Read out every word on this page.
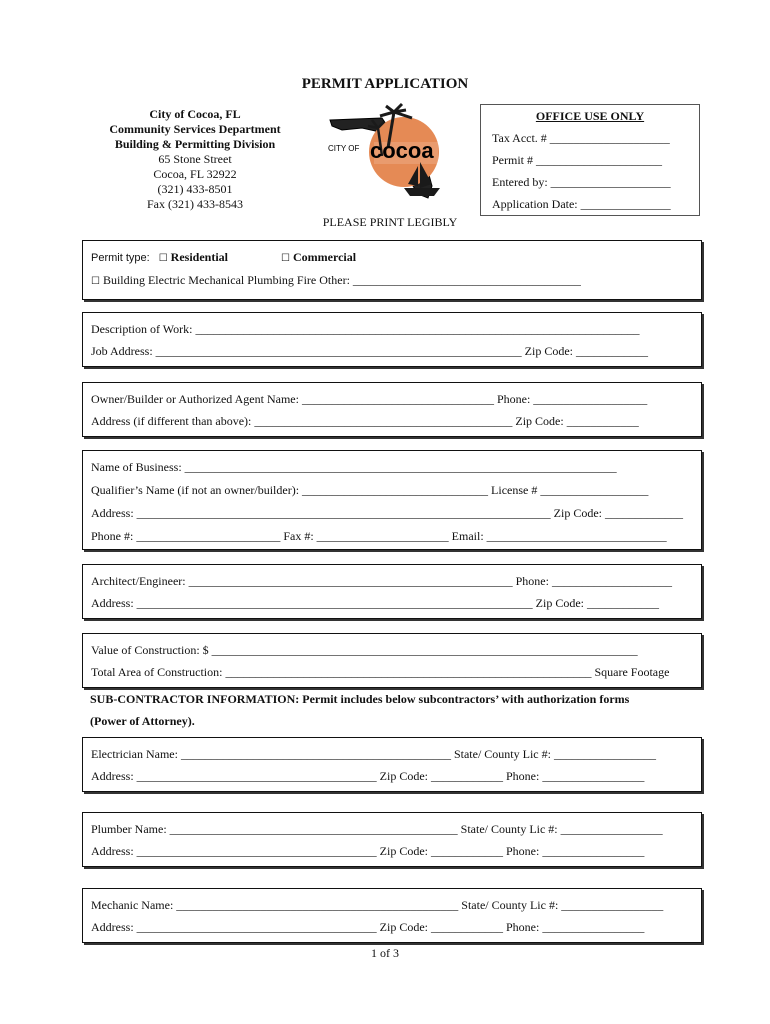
PERMIT APPLICATION
City of Cocoa, FL
Community Services Department
Building & Permitting Division
65 Stone Street
Cocoa, FL 32922
(321) 433-8501
Fax (321) 433-8543
CITY OF cocoa
PLEASE PRINT LEGIBLY
OFFICE USE ONLY
Tax Acct. # ____________________
Permit # _____________________
Entered by: ____________________
Application Date: _______________
Permit type: ☐ Residential	☐ Commercial
☐ Building Electric Mechanical Plumbing Fire Other: ______________________________________
Description of Work: __________________________________________________________________________
Job Address: _____________________________________________________________ Zip Code: ____________
Owner/Builder or Authorized Agent Name: ________________________________ Phone: ___________________
Address (if different than above): ___________________________________________ Zip Code: ____________
Name of Business: ________________________________________________________________________
Qualifier’s Name (if not an owner/builder): _______________________________ License # __________________
Address: _____________________________________________________________________ Zip Code: _____________
Phone #: ________________________ Fax #: ______________________ Email: ______________________________
Architect/Engineer: ______________________________________________________ Phone: ____________________
Address: __________________________________________________________________ Zip Code: ____________
Value of Construction: $ _______________________________________________________________________
Total Area of Construction: _____________________________________________________________ Square Footage
SUB-CONTRACTOR INFORMATION: Permit includes below subcontractors’ with authorization forms
(Power of Attorney).
Electrician Name: _____________________________________________ State/ County Lic #: _________________
Address: ________________________________________ Zip Code: ____________ Phone: _________________
Plumber Name: ________________________________________________ State/ County Lic #: _________________
Address: ________________________________________ Zip Code: ____________ Phone: _________________
Mechanic Name: _______________________________________________ State/ County Lic #: _________________
Address: ________________________________________ Zip Code: ____________ Phone: _________________
1 of 3
